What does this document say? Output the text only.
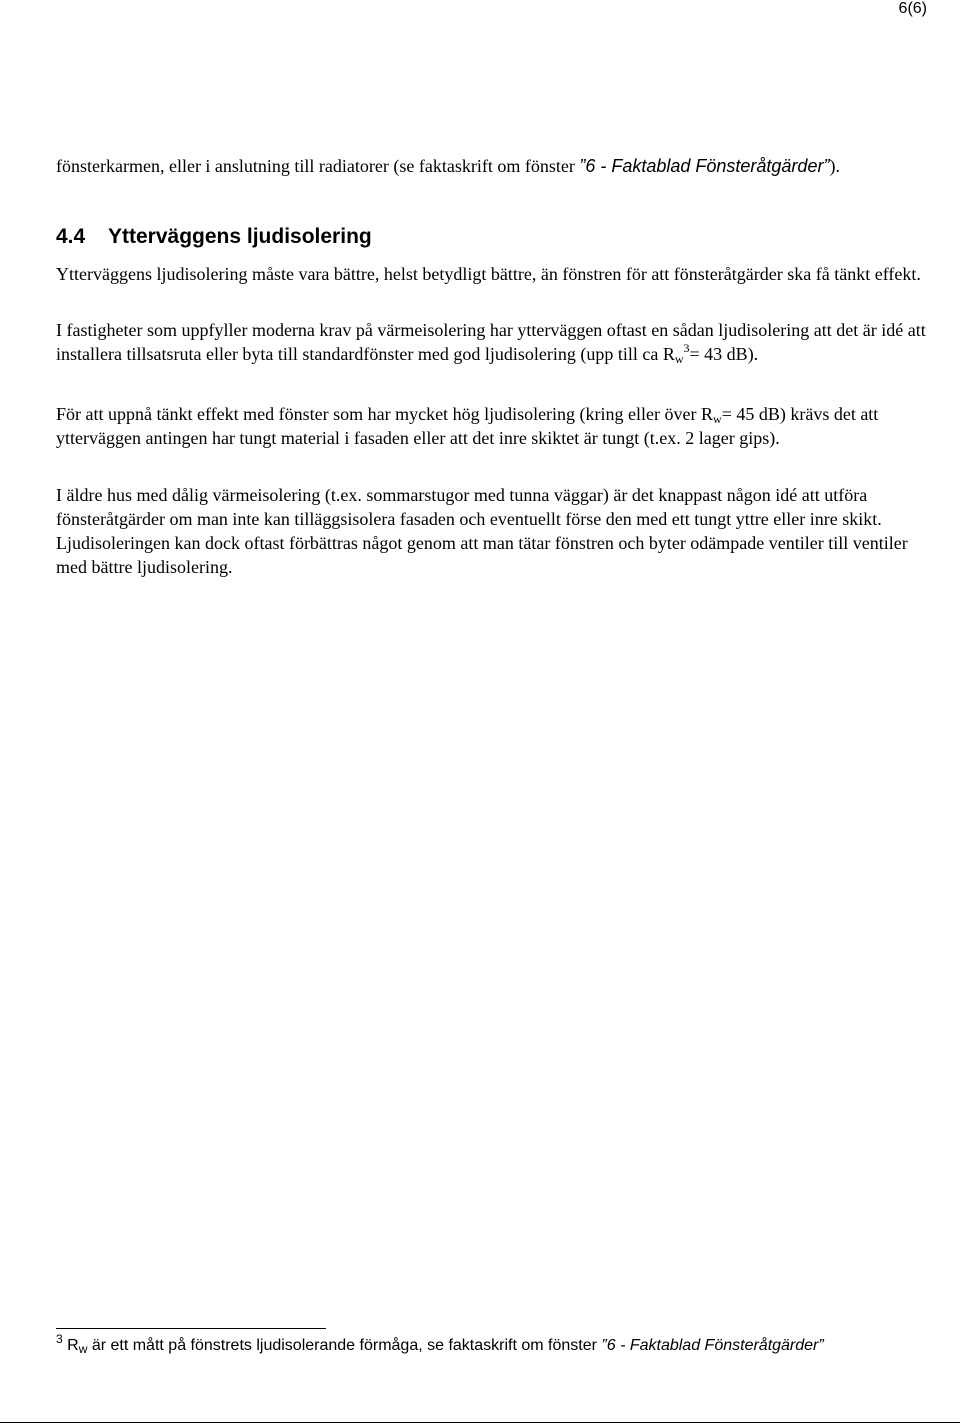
6(6)

fönsterkarmen, eller i anslutning till radiatorer (se faktaskrift om fönster ”6 - Faktablad Fönsteråtgärder”).

4.4 Ytterväggens ljudisolering

Ytterväggens ljudisolering måste vara bättre, helst betydligt bättre, än fönstren för att fönsteråtgärder ska få tänkt effekt.

I fastigheter som uppfyller moderna krav på värmeisolering har ytterväggen oftast en sådan ljudisolering att det är idé att installera tillsatsruta eller byta till standardfönster med god ljudisolering (upp till ca $R_w^3= 43$ dB).

För att uppnå tänkt effekt med fönster som har mycket hög ljudisolering (kring eller över $R_w= 45$ dB) krävs det att ytterväggen antingen har tungt material i fasaden eller att det inre skiktet är tungt (t.ex. 2 lager gips).

I äldre hus med dålig värmeisolering (t.ex. sommarstugor med tunna väggar) är det knappast någon idé att utföra fönsteråtgärder om man inte kan tilläggsisolera fasaden och eventuellt förse den med ett tungt yttre eller inre skikt. Ljudisoleringen kan dock oftast förbättras något genom att man tätar fönstren och byter odämpade ventiler till ventiler med bättre ljudisolering.

$^3$ $R_w$ är ett mått på fönstrets ljudisolerande förmåga, se faktaskrift om fönster ”6 - Faktablad Fönsteråtgärder”
